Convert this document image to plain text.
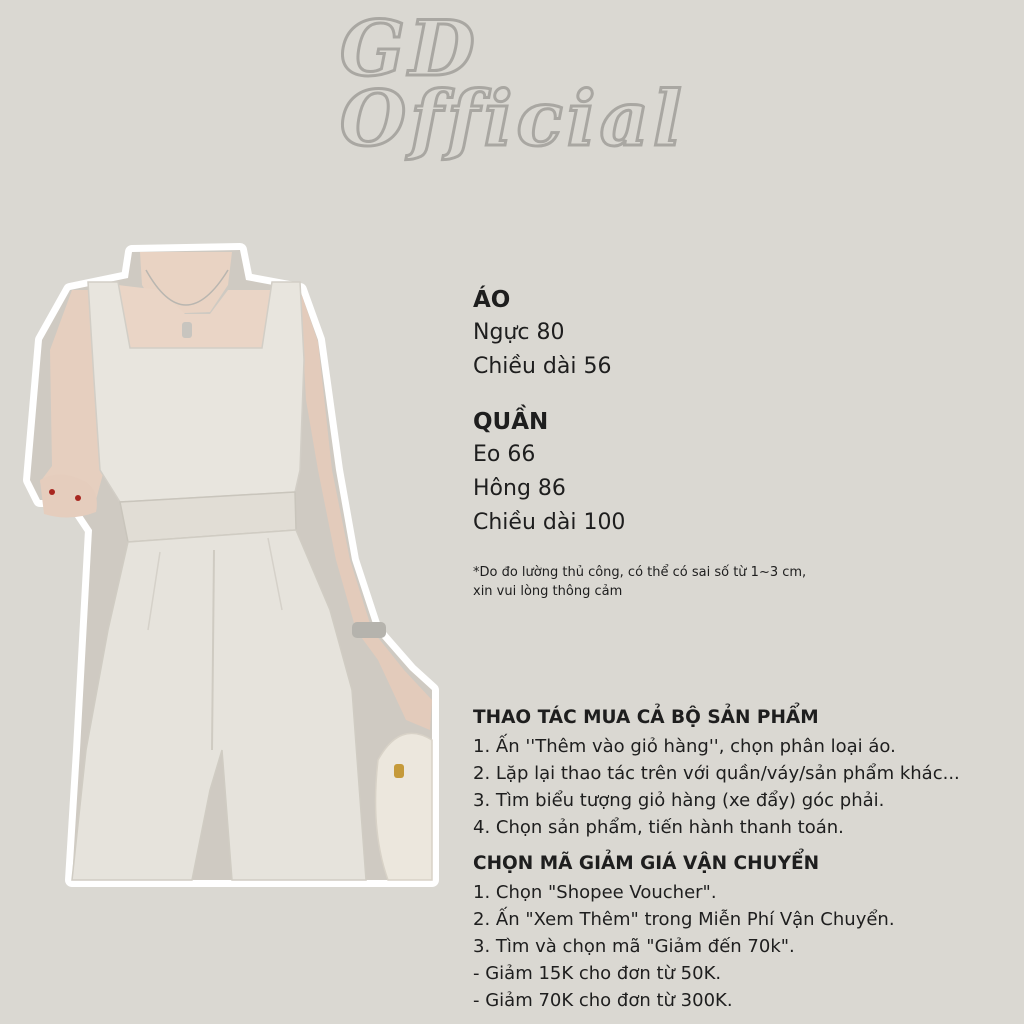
GD
Official
ÁO
Ngực 80
Chiều dài 56
QUẦN
Eo 66
Hông 86
Chiều dài 100
*Do đo lường thủ công, có thể có sai số từ 1~3 cm,
xin vui lòng thông cảm
THAO TÁC MUA CẢ BỘ SẢN PHẨM
1. Ấn ''Thêm vào giỏ hàng'', chọn phân loại áo.
2. Lặp lại thao tác trên với quần/váy/sản phẩm khác...
3. Tìm biểu tượng giỏ hàng (xe đẩy) góc phải.
4. Chọn sản phẩm, tiến hành thanh toán.
CHỌN MÃ GIẢM GIÁ VẬN CHUYỂN
1. Chọn "Shopee Voucher".
2. Ấn "Xem Thêm" trong Miễn Phí Vận Chuyển.
3. Tìm và chọn mã "Giảm đến 70k".
- Giảm 15K cho đơn từ 50K.
- Giảm 70K cho đơn từ 300K.
